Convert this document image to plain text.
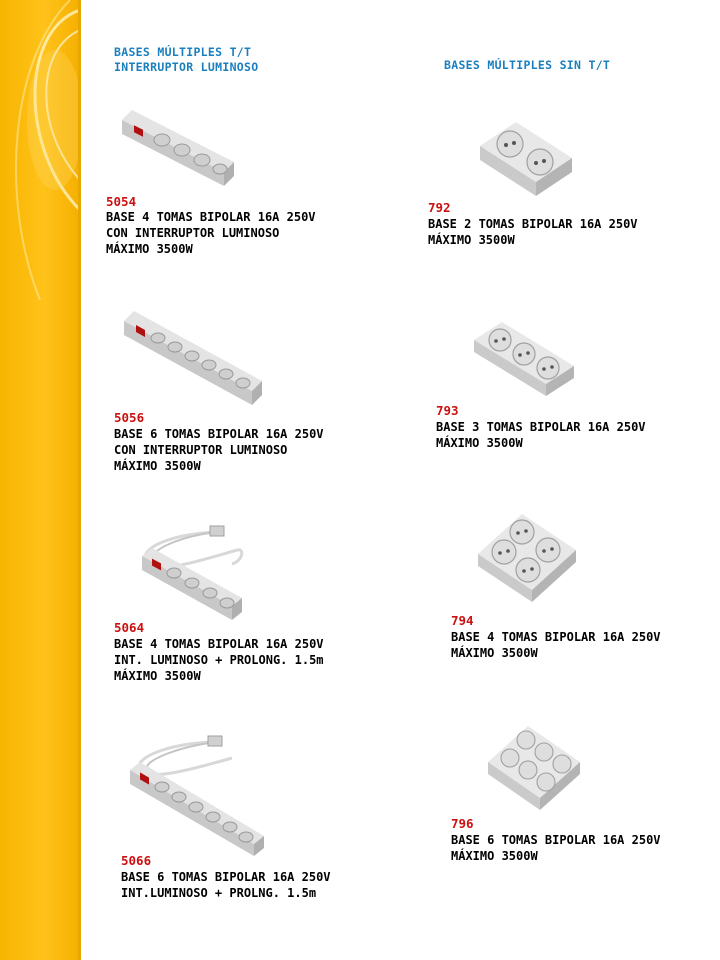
BASES MÚLTIPLES T/T
INTERRUPTOR LUMINOSO	BASES MÚLTIPLES SIN T/T
5054
BASE 4 TOMAS BIPOLAR 16A 250V
CON INTERRUPTOR LUMINOSO
MÁXIMO 3500W
5056
BASE 6 TOMAS BIPOLAR 16A 250V
CON INTERRUPTOR LUMINOSO
MÁXIMO 3500W
5064
BASE 4 TOMAS BIPOLAR 16A 250V
INT. LUMINOSO + PROLONG. 1.5m
MÁXIMO 3500W
5066
BASE 6 TOMAS BIPOLAR 16A 250V
INT.LUMINOSO + PROLNG. 1.5m
792
BASE 2 TOMAS BIPOLAR 16A 250V
MÁXIMO 3500W
793
BASE 3 TOMAS BIPOLAR 16A 250V
MÁXIMO 3500W
794
BASE 4 TOMAS BIPOLAR 16A 250V
MÁXIMO 3500W
796
BASE 6 TOMAS BIPOLAR 16A 250V
MÁXIMO 3500W
